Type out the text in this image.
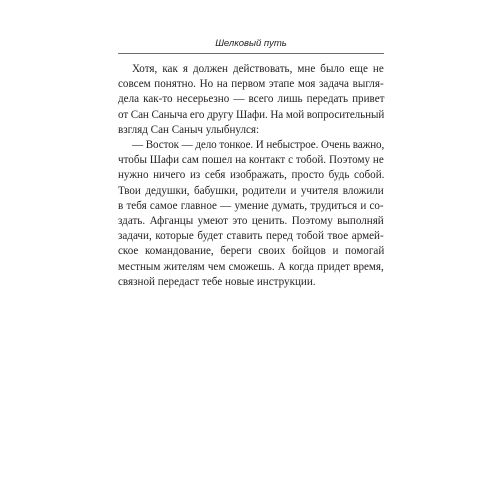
Шелковый путь
Хотя, как я должен действовать, мне было еще не
совсем понятно. Но на первом этапе моя задача выгля-
дела как-то несерьезно — всего лишь передать привет
от Сан Саныча его другу Шафи. На мой вопросительный
взгляд Сан Саныч улыбнулся:
— Восток — дело тонкое. И небыстрое. Очень важно,
чтобы Шафи сам пошел на контакт с тобой. Поэтому не
нужно ничего из себя изображать, просто будь собой.
Твои дедушки, бабушки, родители и учителя вложили
в тебя самое главное — умение думать, трудиться и со-
здать. Афганцы умеют это ценить. Поэтому выполняй
задачи, которые будет ставить перед тобой твое армей-
ское командование, береги своих бойцов и помогай
местным жителям чем сможешь. А когда придет время,
связной передаст тебе новые инструкции.
